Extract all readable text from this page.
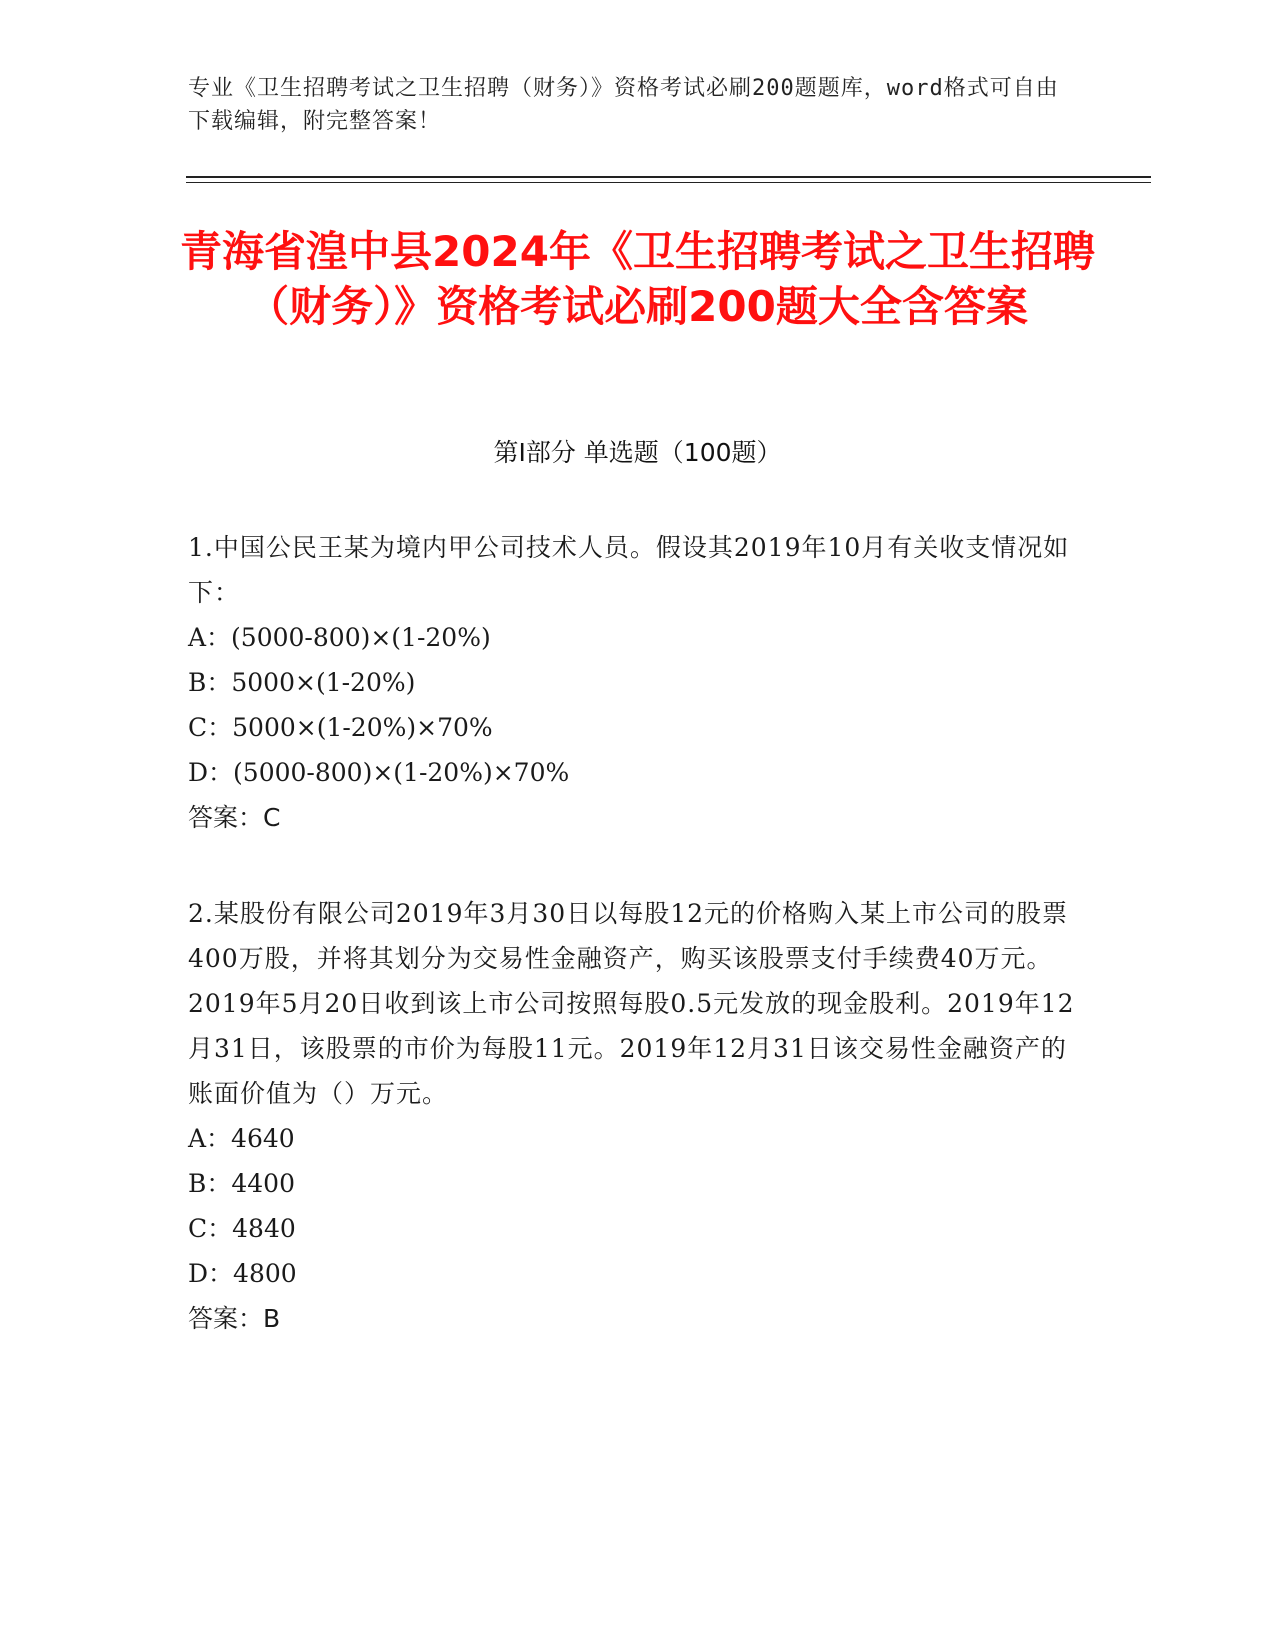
专业《卫生招聘考试之卫生招聘（财务）》资格考试必刷200题题库，word格式可自由下载编辑，附完整答案！
青海省湟中县2024年《卫生招聘考试之卫生招聘（财务）》资格考试必刷200题大全含答案
第Ⅰ部分 单选题（100题）
1.中国公民王某为境内甲公司技术人员。假设其2019年10月有关收支情况如下：
A：(5000-800)×(1-20%)
B：5000×(1-20%)
C：5000×(1-20%)×70%
D：(5000-800)×(1-20%)×70%
答案：C
2.某股份有限公司2019年3月30日以每股12元的价格购入某上市公司的股票400万股，并将其划分为交易性金融资产，购买该股票支付手续费40万元。2019年5月20日收到该上市公司按照每股0.5元发放的现金股利。2019年12月31日，该股票的市价为每股11元。2019年12月31日该交易性金融资产的账面价值为（）万元。
A：4640
B：4400
C：4840
D：4800
答案：B
